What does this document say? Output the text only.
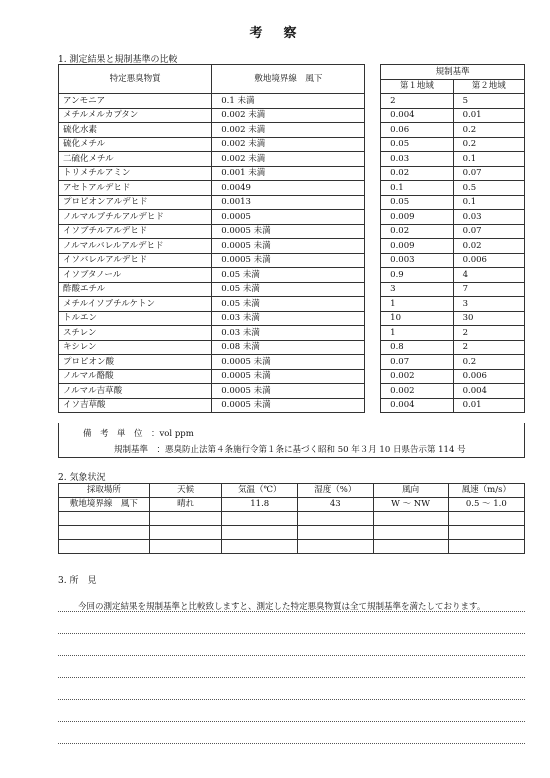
考　察
1. 測定結果と規制基準の比較
特定悪臭物質	敷地境界線　風下		規制基準	
			第１地域	第２地域
アンモニア	0.1 未満		2	5
メチルメルカプタン	0.002 未満		0.004	0.01
硫化水素	0.002 未満		0.06	0.2
硫化メチル	0.002 未満		0.05	0.2
二硫化メチル	0.002 未満		0.03	0.1
トリメチルアミン	0.001 未満		0.02	0.07
アセトアルデヒド	0.0049		0.1	0.5
プロピオンアルデヒド	0.0013		0.05	0.1
ノルマルブチルアルデヒド	0.0005		0.009	0.03
イソブチルアルデヒド	0.0005 未満		0.02	0.07
ノルマルバレルアルデヒド	0.0005 未満		0.009	0.02
イソバレルアルデヒド	0.0005 未満		0.003	0.006
イソブタノール	0.05 未満		0.9	4
酢酸エチル	0.05 未満		3	7
メチルイソブチルケトン	0.05 未満		1	3
トルエン	0.03 未満		10	30
スチレン	0.03 未満		1	2
キシレン	0.08 未満		0.8	2
プロピオン酸	0.0005 未満		0.07	0.2
ノルマル酪酸	0.0005 未満		0.002	0.006
ノルマル吉草酸	0.0005 未満		0.002	0.004
イソ吉草酸	0.0005 未満		0.004	0.01
備　考　単　位　：vol ppm
規制基準　：悪臭防止法第４条施行令第１条に基づく昭和 50 年３月 10 日県告示第 114 号
2. 気象状況
採取場所	天候	気温（℃）	湿度（%）	風向	風速（m/s）
敷地境界線　風下	晴れ	11.8	43	W ～ NW	0.5 ～ 1.0

3. 所　見
今回の測定結果を規制基準と比較致しますと、測定した特定悪臭物質は全て規制基準を満たしております。
